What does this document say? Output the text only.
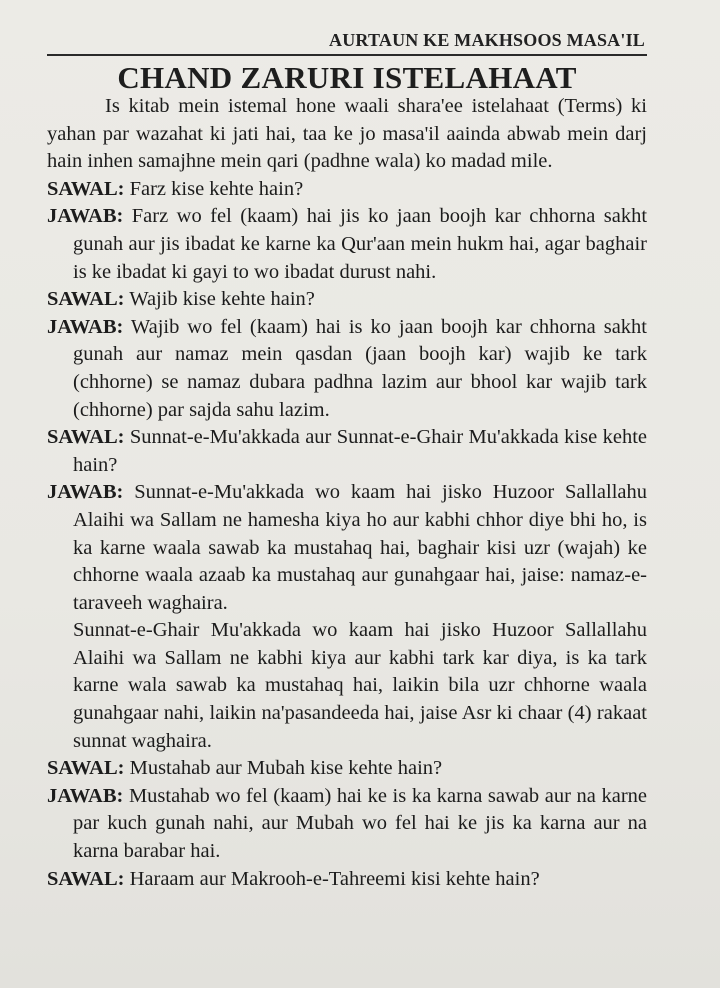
AURTAUN KE MAKHSOOS MASA'IL
CHAND ZARURI ISTELAHAAT

Is kitab mein istemal hone waali shara'ee istelahaat (Terms) ki yahan par wazahat ki jati hai, taa ke jo masa'il aainda abwab mein darj hain inhen samajhne mein qari (padhne wala) ko madad mile.

SAWAL: Farz kise kehte hain?

JAWAB: Farz wo fel (kaam) hai jis ko jaan boojh kar chhorna sakht gunah aur jis ibadat ke karne ka Qur'aan mein hukm hai, agar baghair is ke ibadat ki gayi to wo ibadat durust nahi.

SAWAL: Wajib kise kehte hain?

JAWAB: Wajib wo fel (kaam) hai is ko jaan boojh kar chhorna sakht gunah aur namaz mein qasdan (jaan boojh kar) wajib ke tark (chhorne) se namaz dubara padhna lazim aur bhool kar wajib tark (chhorne) par sajda sahu lazim.

SAWAL: Sunnat-e-Mu'akkada aur Sunnat-e-Ghair Mu'akkada kise kehte hain?

JAWAB: Sunnat-e-Mu'akkada wo kaam hai jisko Huzoor Sallallahu Alaihi wa Sallam ne hamesha kiya ho aur kabhi chhor diye bhi ho, is ka karne waala sawab ka mustahaq hai, baghair kisi uzr (wajah) ke chhorne waala azaab ka mustahaq aur gunahgaar hai, jaise: namaz-e-taraveeh waghaira.

Sunnat-e-Ghair Mu'akkada wo kaam hai jisko Huzoor Sallallahu Alaihi wa Sallam ne kabhi kiya aur kabhi tark kar diya, is ka tark karne wala sawab ka mustahaq hai, laikin bila uzr chhorne waala gunahgaar nahi, laikin na'pasandeeda hai, jaise Asr ki chaar (4) rakaat sunnat waghaira.

SAWAL: Mustahab aur Mubah kise kehte hain?

JAWAB: Mustahab wo fel (kaam) hai ke is ka karna sawab aur na karne par kuch gunah nahi, aur Mubah wo fel hai ke jis ka karna aur na karna barabar hai.

SAWAL: Haraam aur Makrooh-e-Tahreemi kisi kehte hain?
